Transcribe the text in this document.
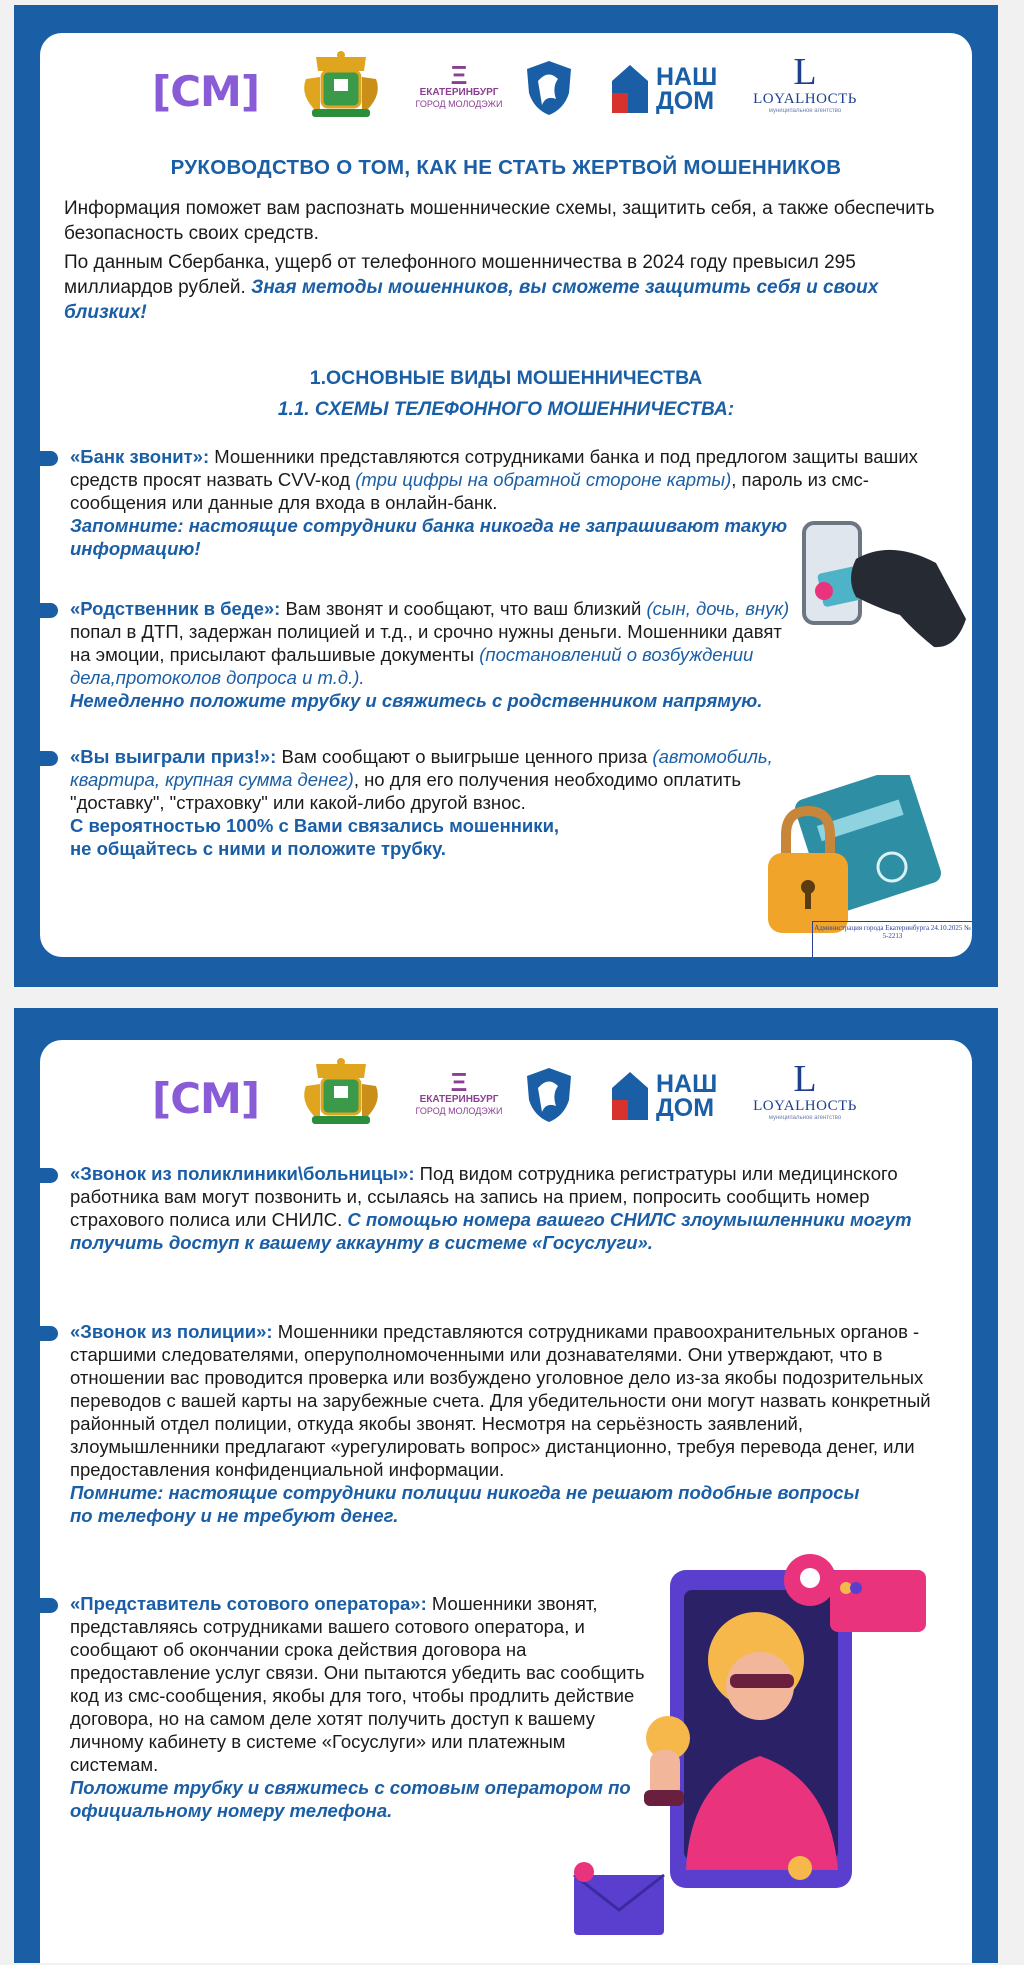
[СМ]	Ξ
ЕКАТЕРИНБУРГ
ГОРОД МОЛОДЭЖИ
НАШ
ДОМ
L
LOYALНОСТЬ
муниципальное агентство
РУКОВОДСТВО О ТОМ, КАК НЕ СТАТЬ ЖЕРТВОЙ МОШЕННИКОВ
Информация поможет вам распознать мошеннические схемы, защитить себя, а также обеспечить безопасность своих средств.
По данным Сбербанка, ущерб от телефонного мошенничества в 2024 году превысил 295 миллиардов рублей. Зная методы мошенников, вы сможете защитить себя и своих близких!
1.ОСНОВНЫЕ ВИДЫ МОШЕННИЧЕСТВА
1.1. СХЕМЫ ТЕЛЕФОННОГО МОШЕННИЧЕСТВА:
«Банк звонит»: Мошенники представляются сотрудниками банка и под предлогом защиты ваших средств просят назвать CVV-код (три цифры на обратной стороне карты), пароль из смс-сообщения или данные для входа в онлайн-банк.
Запомните: настоящие сотрудники банка никогда не запрашивают такую информацию!
«Родственник в беде»: Вам звонят и сообщают, что ваш близкий (сын, дочь, внук) попал в ДТП, задержан полицией и т.д., и срочно нужны деньги. Мошенники давят на эмоции, присылают фальшивые документы (постановлений о возбуждении дела,протоколов допроса и т.д.).
Немедленно положите трубку и свяжитесь с родственником напрямую.
«Вы выиграли приз!»: Вам сообщают о выигрыше ценного приза (автомобиль, квартира, крупная сумма денег), но для его получения необходимо оплатить "доставку", "страховку" или какой-либо другой взнос.
С вероятностью 100% с Вами связались мошенники,
не общайтесь с ними и положите трубку.
Администрация города Екатеринбурга 24.10.2025 № 5-2213
[СМ]	Ξ
ЕКАТЕРИНБУРГ
ГОРОД МОЛОДЭЖИ
НАШ
ДОМ
L
LOYALНОСТЬ
муниципальное агентство
«Звонок из поликлиники\больницы»: Под видом сотрудника регистратуры или медицинского работника вам могут позвонить и, ссылаясь на запись на прием, попросить сообщить номер страхового полиса или СНИЛС. С помощью номера вашего СНИЛС злоумышленники могут получить доступ к вашему аккаунту в системе «Госуслуги».
«Звонок из полиции»: Мошенники представляются сотрудниками правоохранительных органов - старшими следователями, оперуполномоченными или дознавателями. Они утверждают, что в отношении вас проводится проверка или возбуждено уголовное дело из-за якобы подозрительных переводов с вашей карты на зарубежные счета. Для убедительности они могут назвать конкретный районный отдел полиции, откуда якобы звонят. Несмотря на серьёзность заявлений, злоумышленники предлагают «урегулировать вопрос» дистанционно, требуя перевода денег, или предоставления конфиденциальной информации.
Помните: настоящие сотрудники полиции никогда не решают подобные вопросы по телефону и не требуют денег.
«Представитель сотового оператора»: Мошенники звонят, представляясь сотрудниками вашего сотового оператора, и сообщают об окончании срока действия договора на предоставление услуг связи. Они пытаются убедить вас сообщить код из смс-сообщения, якобы для того, чтобы продлить действие договора, но на самом деле хотят получить доступ к вашему личному кабинету в системе «Госуслуги» или платежным системам.
Положите трубку и свяжитесь с сотовым оператором по официальному номеру телефона.
